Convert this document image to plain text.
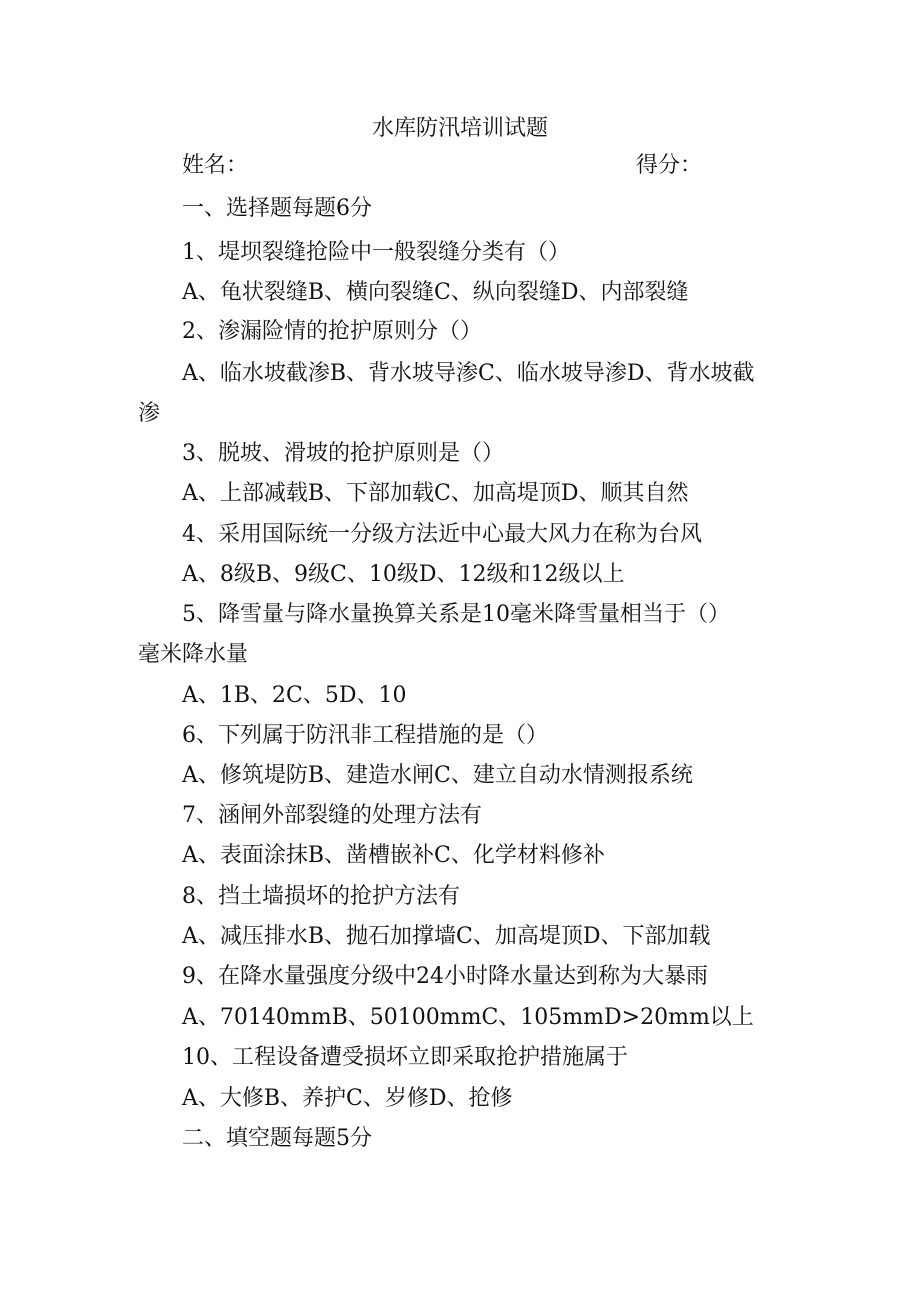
水库防汛培训试题
姓名：	得分：
一、选择题每题6分
1、堤坝裂缝抢险中一般裂缝分类有（）
A、龟状裂缝B、横向裂缝C、纵向裂缝D、内部裂缝
2、渗漏险情的抢护原则分（）
A、临水坡截渗B、背水坡导渗C、临水坡导渗D、背水坡截
渗
3、脱坡、滑坡的抢护原则是（）
A、上部减载B、下部加载C、加高堤顶D、顺其自然
4、采用国际统一分级方法近中心最大风力在称为台风
A、8级B、9级C、10级D、12级和12级以上
5、降雪量与降水量换算关系是10毫米降雪量相当于（）
毫米降水量
A、1B、2C、5D、10
6、下列属于防汛非工程措施的是（）
A、修筑堤防B、建造水闸C、建立自动水情测报系统
7、涵闸外部裂缝的处理方法有
A、表面涂抹B、凿槽嵌补C、化学材料修补
8、挡土墙损坏的抢护方法有
A、减压排水B、抛石加撑墙C、加高堤顶D、下部加载
9、在降水量强度分级中24小时降水量达到称为大暴雨
A、70140mmB、50100mmC、105mmD>20mm以上
10、工程设备遭受损坏立即采取抢护措施属于
A、大修B、养护C、岁修D、抢修
二、填空题每题5分
